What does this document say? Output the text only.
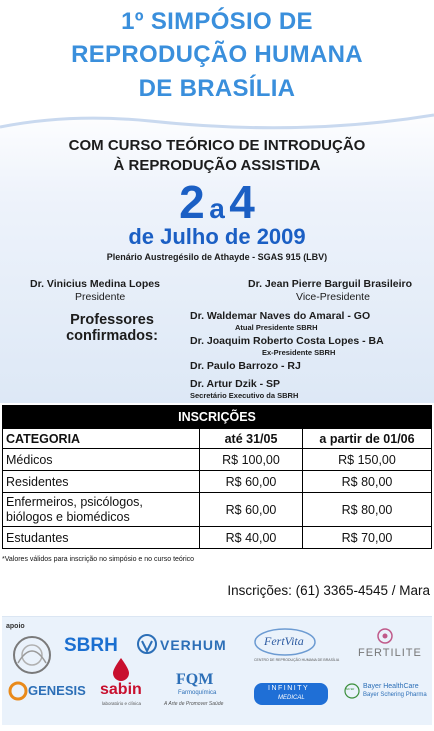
1º SIMPÓSIO DE
REPRODUÇÃO HUMANA
DE BRASÍLIA
COM CURSO TEÓRICO DE INTRODUÇÃO
À REPRODUÇÃO ASSISTIDA
2 a 4
de Julho de 2009
Plenário Austregésilo de Athayde - SGAS 915 (LBV)
Dr. Vinicius Medina Lopes
Presidente
Dr. Jean Pierre Barguil Brasileiro
Vice-Presidente
Professores
confirmados:
Dr. Waldemar Naves do Amaral - GO
Atual Presidente SBRH
Dr. Joaquim Roberto Costa Lopes - BA
Ex-Presidente SBRH
Dr. Paulo Barrozo - RJ
Dr. Artur Dzik - SP
Secretário Executivo da SBRH
INSCRIÇÕES		
CATEGORIA	até 31/05	a partir de 01/06
Médicos	R$ 100,00	R$ 150,00
Residentes	R$ 60,00	R$ 80,00

Enfermeiros, psicólogos,
biólogos e biomédicos	R$ 60,00	R$ 80,00
Estudantes	R$ 40,00	R$ 70,00
*Valores válidos para inscrição no simpósio e no curso teórico
Inscrições: (61) 3365-4545 / Mara
apoio
SBRH	VERHUM	FertVita
CENTRO DE REPRODUÇÃO HUMANA DE BRASÍLIA
FERTILITE
GENESIS sabin
laboratório e clínica
FQM
Farmoquímica
A Arte de Promover Saúde
INFINITY
MEDICAL
BAYER Bayer HealthCare
Bayer Schering Pharma
